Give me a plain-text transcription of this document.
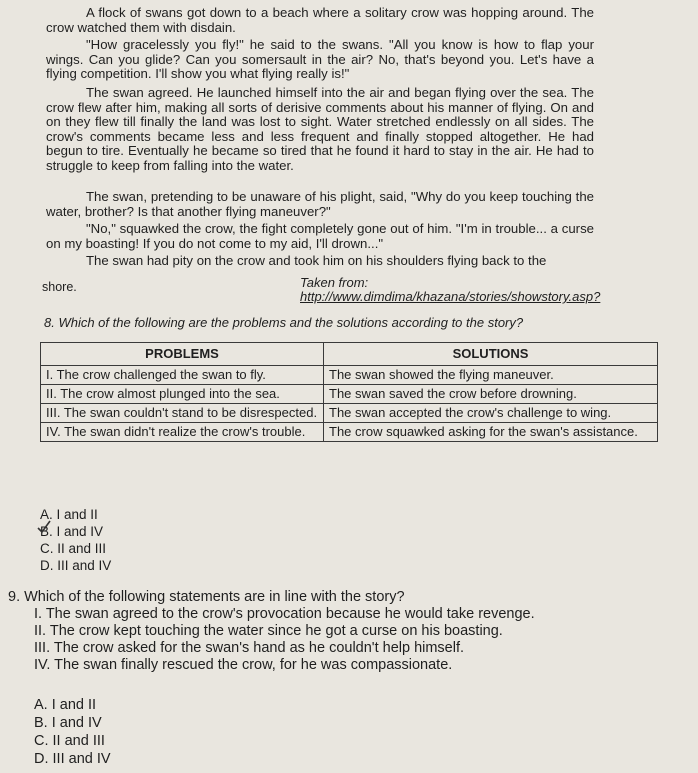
A flock of swans got down to a beach where a solitary crow was hopping around. The crow watched them with disdain.

"How gracelessly you fly!" he said to the swans. "All you know is how to flap your wings. Can you glide? Can you somersault in the air? No, that's beyond you. Let's have a flying competition. I'll show you what flying really is!"

The swan agreed. He launched himself into the air and began flying over the sea. The crow flew after him, making all sorts of derisive comments about his manner of flying. On and on they flew till finally the land was lost to sight. Water stretched endlessly on all sides. The crow's comments became less and less frequent and finally stopped altogether. He had begun to tire. Eventually he became so tired that he found it hard to stay in the air. He had to struggle to keep from falling into the water.

The swan, pretending to be unaware of his plight, said, "Why do you keep touching the water, brother? Is that another flying maneuver?"

"No," squawked the crow, the fight completely gone out of him. "I'm in trouble... a curse on my boasting! If you do not come to my aid, I'll drown..."

The swan had pity on the crow and took him on his shoulders flying back to the

shore.	Taken from: http://www.dimdima/khazana/stories/showstory.asp?
8. Which of the following are the problems and the solutions according to the story?
PROBLEMS	SOLUTIONS
I. The crow challenged the swan to fly.	The swan showed the flying maneuver.
II. The crow almost plunged into the sea.	The swan saved the crow before drowning.
III. The swan couldn't stand to be disrespected.	The swan accepted the crow's challenge to wing.
IV. The swan didn't realize the crow's trouble.	The crow squawked asking for the swan's assistance.
A. I and II
B. I and IV
C. II and III
D. III and IV
9. Which of the following statements are in line with the story?
I. The swan agreed to the crow's provocation because he would take revenge.
II. The crow kept touching the water since he got a curse on his boasting.
III. The crow asked for the swan's hand as he couldn't help himself.
IV. The swan finally rescued the crow, for he was compassionate.
A. I and II
B. I and IV
C. II and III
D. III and IV
